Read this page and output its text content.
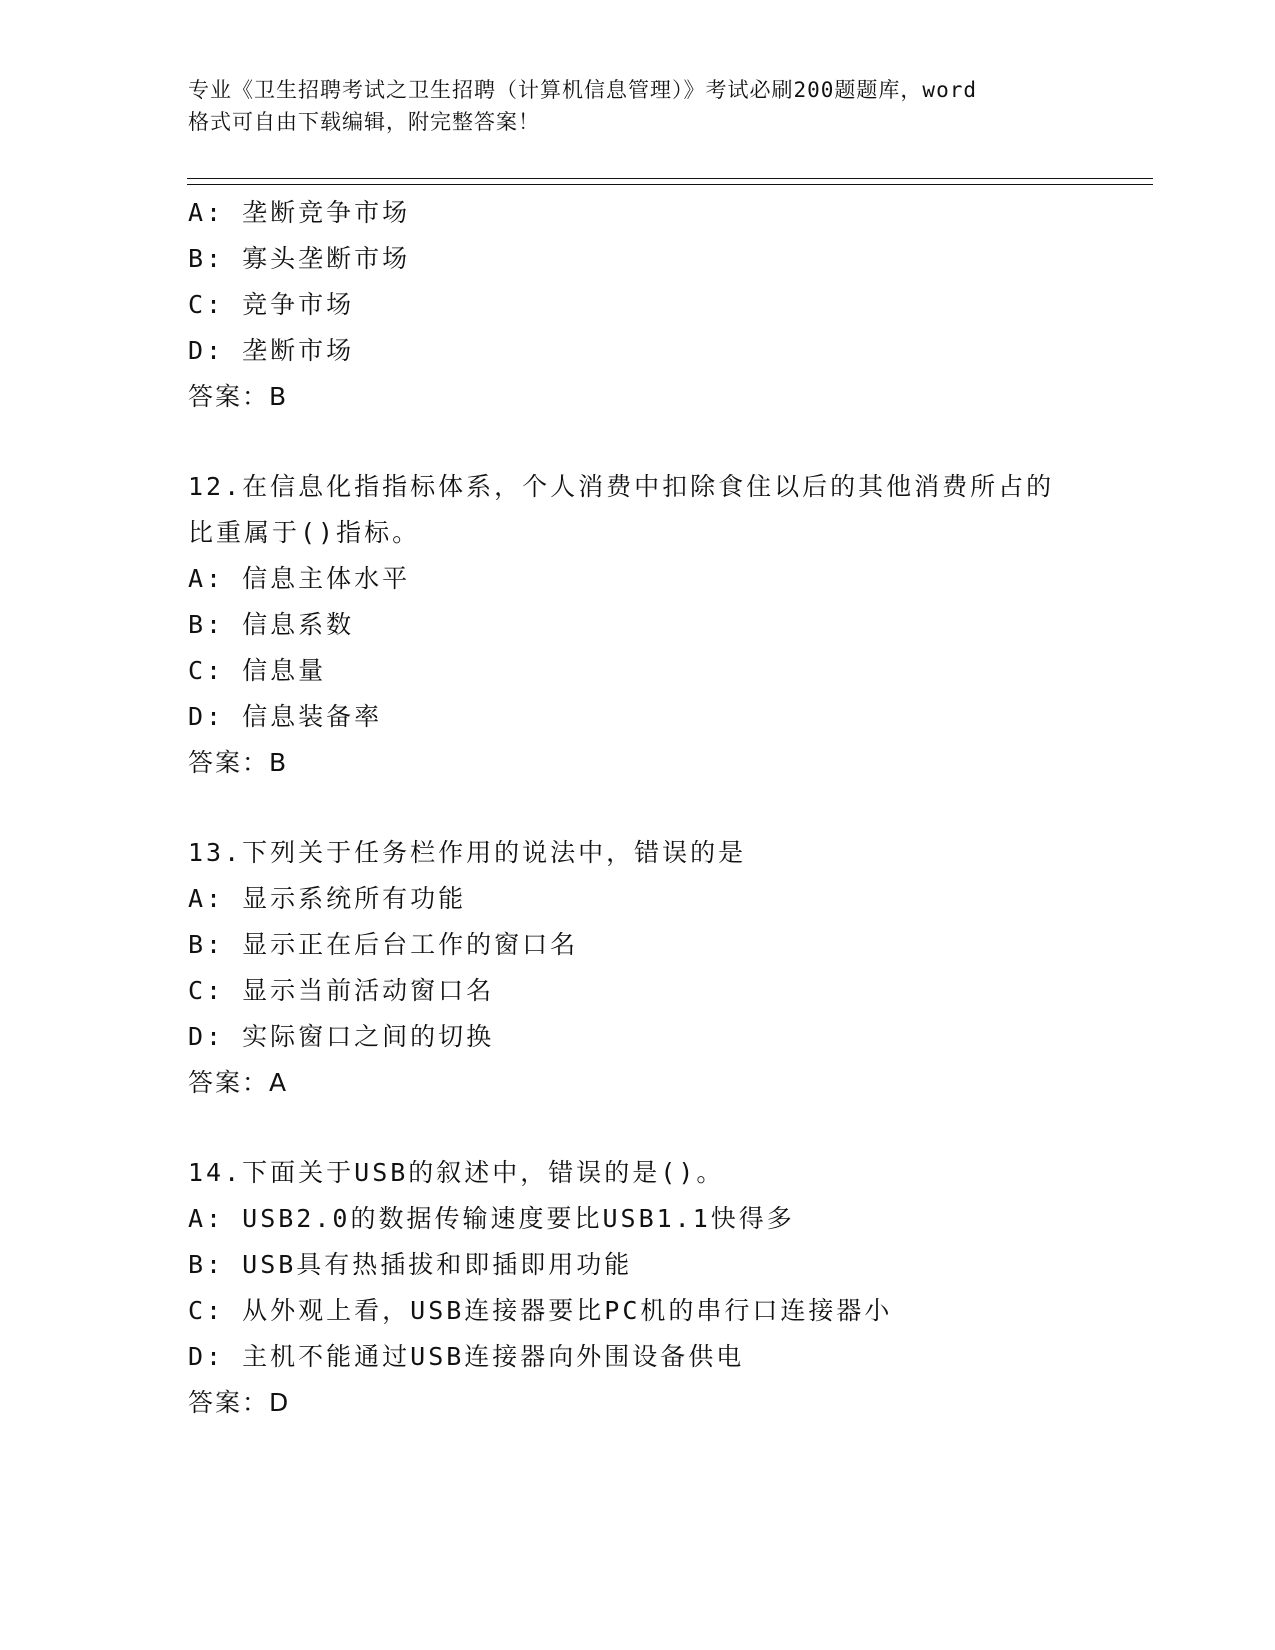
专业《卫生招聘考试之卫生招聘（计算机信息管理）》考试必刷200题题库，word
格式可自由下载编辑，附完整答案！
A: 垄断竞争市场
B: 寡头垄断市场
C: 竞争市场
D: 垄断市场
答案：B
12.在信息化指指标体系，个人消费中扣除食住以后的其他消费所占的
比重属于()指标。
A: 信息主体水平
B: 信息系数
C: 信息量
D: 信息装备率
答案：B
13.下列关于任务栏作用的说法中，错误的是
A: 显示系统所有功能
B: 显示正在后台工作的窗口名
C: 显示当前活动窗口名
D: 实际窗口之间的切换
答案：A
14.下面关于USB的叙述中，错误的是()。
A: USB2.0的数据传输速度要比USB1.1快得多
B: USB具有热插拔和即插即用功能
C: 从外观上看，USB连接器要比PC机的串行口连接器小
D: 主机不能通过USB连接器向外围设备供电
答案：D
